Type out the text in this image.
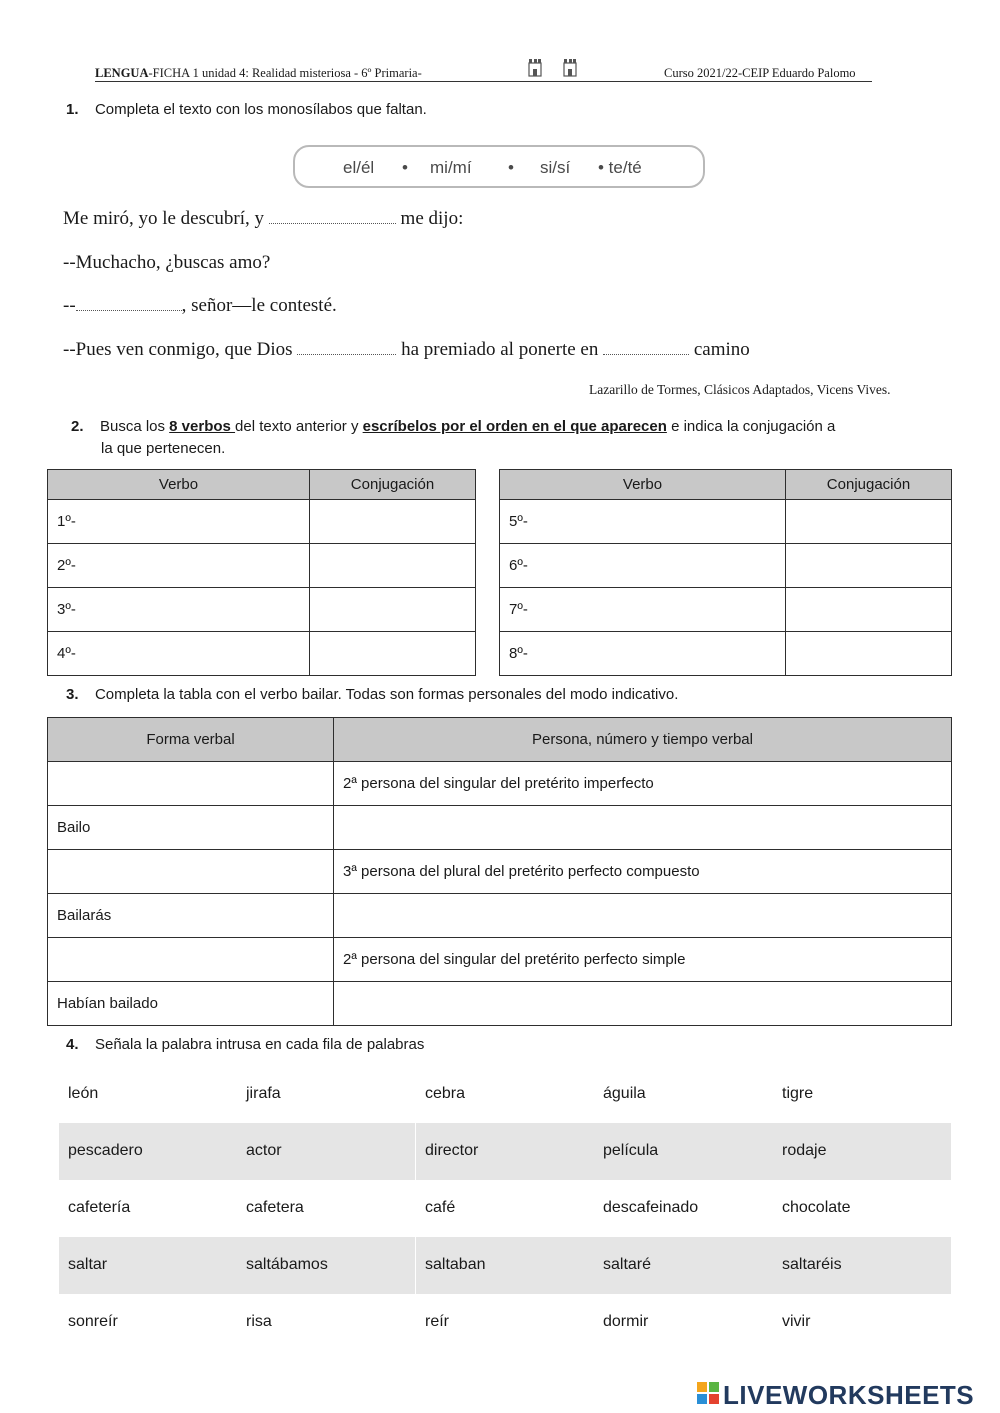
LENGUA-FICHA 1 unidad 4: Realidad misteriosa - 6º Primaria-	Curso 2021/22-CEIP Eduardo Palomo
1. Completa el texto con los monosílabos que faltan.
el/él • mi/mí • si/sí • te/té
Me miró, yo le descubrí, y	me dijo:
--Muchacho, ¿buscas amo?
--	, señor—le contesté.
--Pues ven conmigo, que Dios	ha premiado al ponerte en	camino
Lazarillo de Tormes, Clásicos Adaptados, Vicens Vives.
2. Busca los 8 verbos del texto anterior y escríbelos por el orden en el que aparecen e indica la conjugación a
la que pertenecen.
Verbo	Conjugación
1º-	
2º-	
3º-	
4º-	
Verbo	Conjugación
5º-	
6º-	
7º-	
8º-	
3. Completa la tabla con el verbo bailar. Todas son formas personales del modo indicativo.
Forma verbal	Persona, número y tiempo verbal
	2ª persona del singular del pretérito imperfecto
Bailo	
	3ª persona del plural del pretérito perfecto compuesto
Bailarás	
	2ª persona del singular del pretérito perfecto simple
Habían bailado	
4. Señala la palabra intrusa en cada fila de palabras
león	jirafa	cebra	águila	tigre
pescadero	actor	director	película	rodaje
cafetería	cafetera	café	descafeinado	chocolate
saltar	saltábamos	saltaban	saltaré	saltaréis
sonreír	risa	reír	dormir	vivir
LIVEWORKSHEETS
